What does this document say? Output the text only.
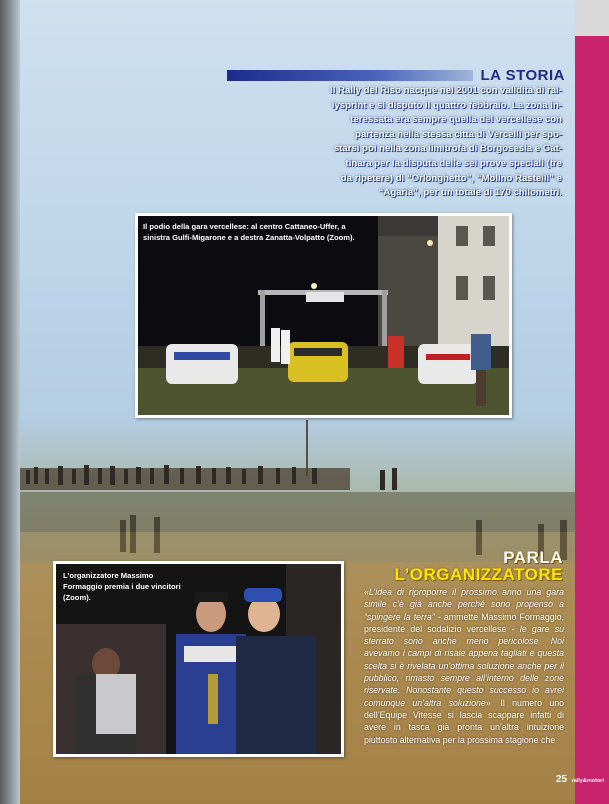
LA STORIA
Il Rally del Riso nacque nel 2001 con validità di ral-
lysprint e si disputò il quattro febbraio. La zona in-
teressata era sempre quella del vercellese con
partenza nella stessa città di Vercelli per spo-
starsi poi nella zona limitrofa di Borgosesia e Gat-
tinara per la disputa delle sei prove speciali (tre
da ripetere) di “Orlonghetto”, “Molino Rastelli” e
“Agaria”, per un totale di 170 chilometri.
Il podio della gara vercellese: al centro Cattaneo-Uffer, a sinistra Gulfi-Migarone e a destra Zanatta-Volpatto (Zoom).
L’organizzatore Massimo Formaggio premia i due vincitori (Zoom).
PARLA
L’ORGANIZZATORE
«L’idea di riproporre il prossimo anno una gara simile c’è già anche perché sono propenso a “spingere la terra” - ammette Massimo Formaggio, presidente del sodalizio vercellese - le gare su sterrato sono anche meno pericolose. Noi avevamo i campi di risaie appena tagliati e questa scelta si è rivelata un’ottima soluzione anche per il pubblico, rimasto sempre all’interno delle zone riservate. Nonostante questo successo io avrei comunque un’altra soluzione». Il numero uno dell’Equipe Vitesse si lascia scappare infatti di avere in tasca già pronta un’altra intuizione piuttosto alternativa per la prossima stagione che
25 rally&motori
